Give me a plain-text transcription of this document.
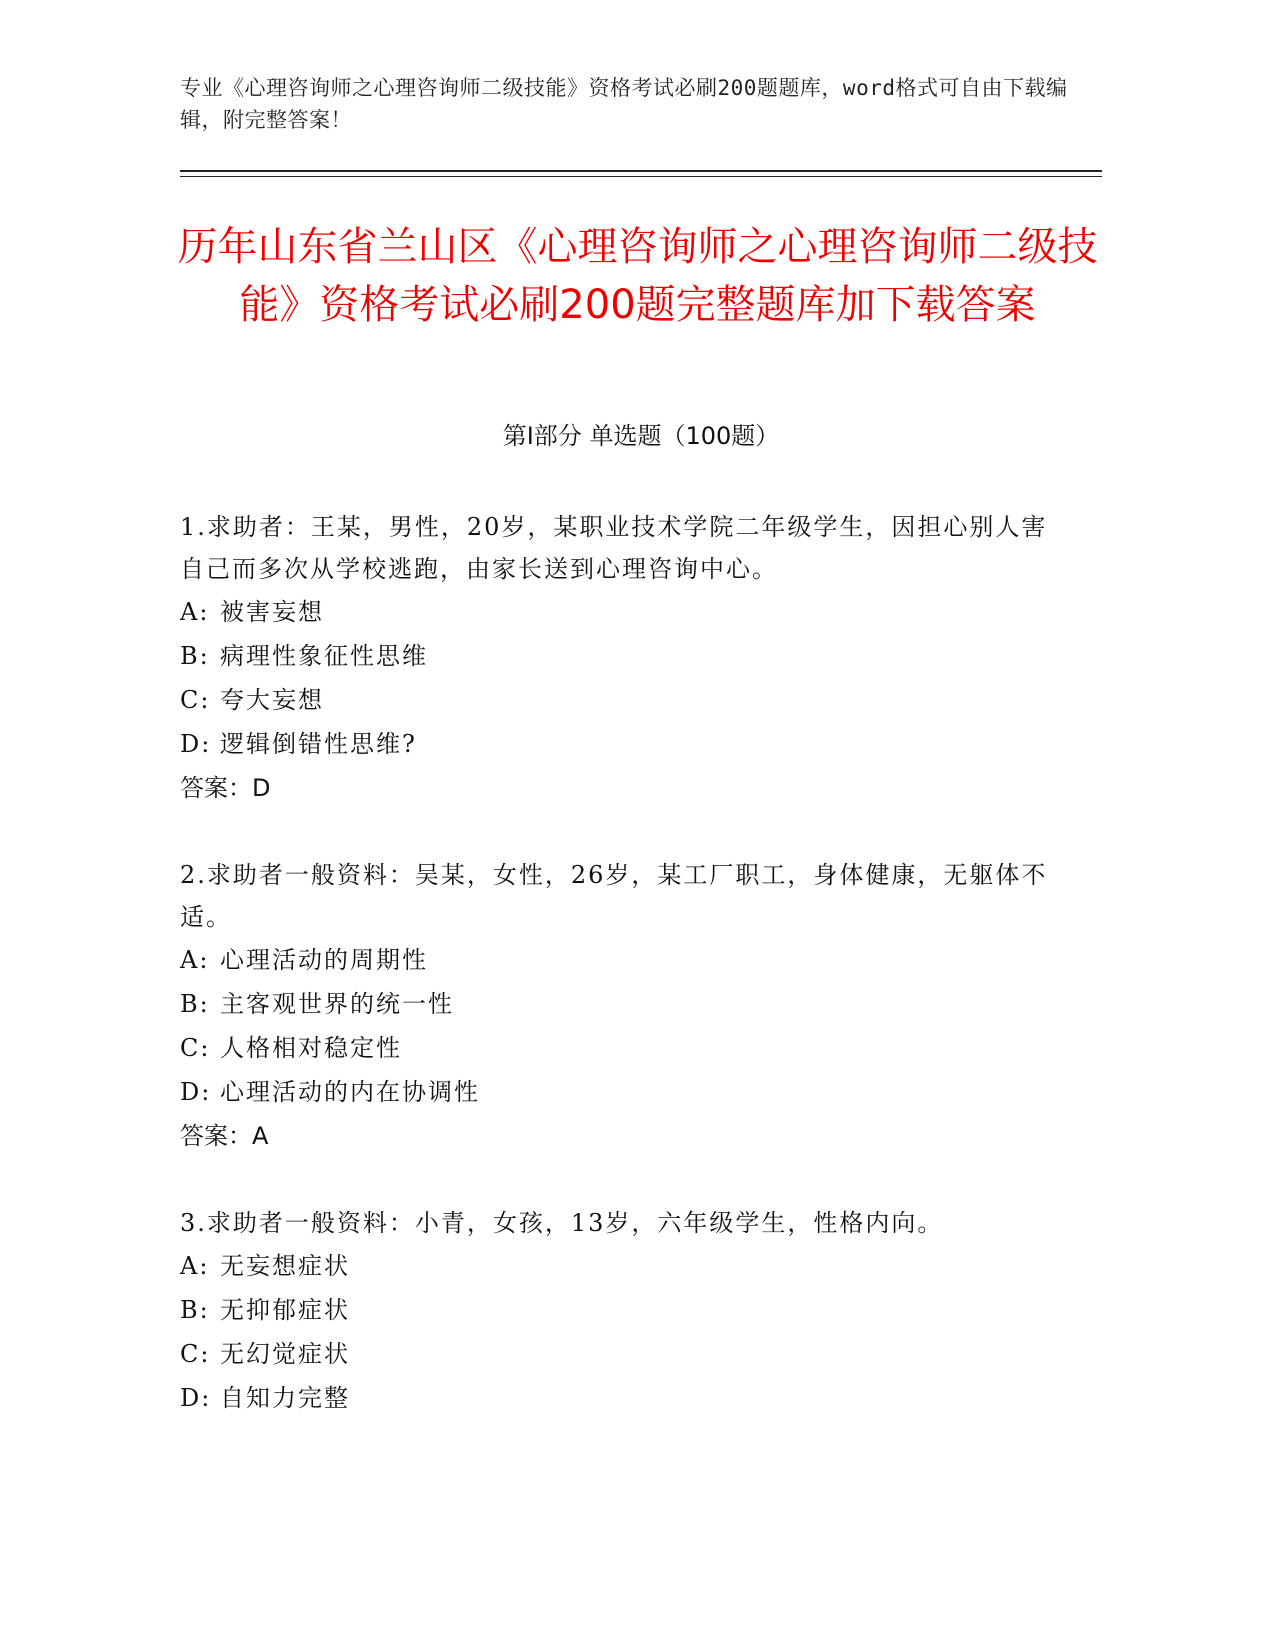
专业《心理咨询师之心理咨询师二级技能》资格考试必刷200题题库，word格式可自由下载编辑，附完整答案！
历年山东省兰山区《心理咨询师之心理咨询师二级技能》资格考试必刷200题完整题库加下载答案
第I部分 单选题（100题）

1.求助者：王某，男性，20岁，某职业技术学院二年级学生，因担心别人害自己而多次从学校逃跑，由家长送到心理咨询中心。

A: 被害妄想

B: 病理性象征性思维

C: 夸大妄想

D: 逻辑倒错性思维?

答案：D

2.求助者一般资料：吴某，女性，26岁，某工厂职工，身体健康，无躯体不适。

A: 心理活动的周期性

B: 主客观世界的统一性

C: 人格相对稳定性

D: 心理活动的内在协调性

答案：A

3.求助者一般资料：小青，女孩，13岁，六年级学生，性格内向。

A: 无妄想症状

B: 无抑郁症状

C: 无幻觉症状

D: 自知力完整
